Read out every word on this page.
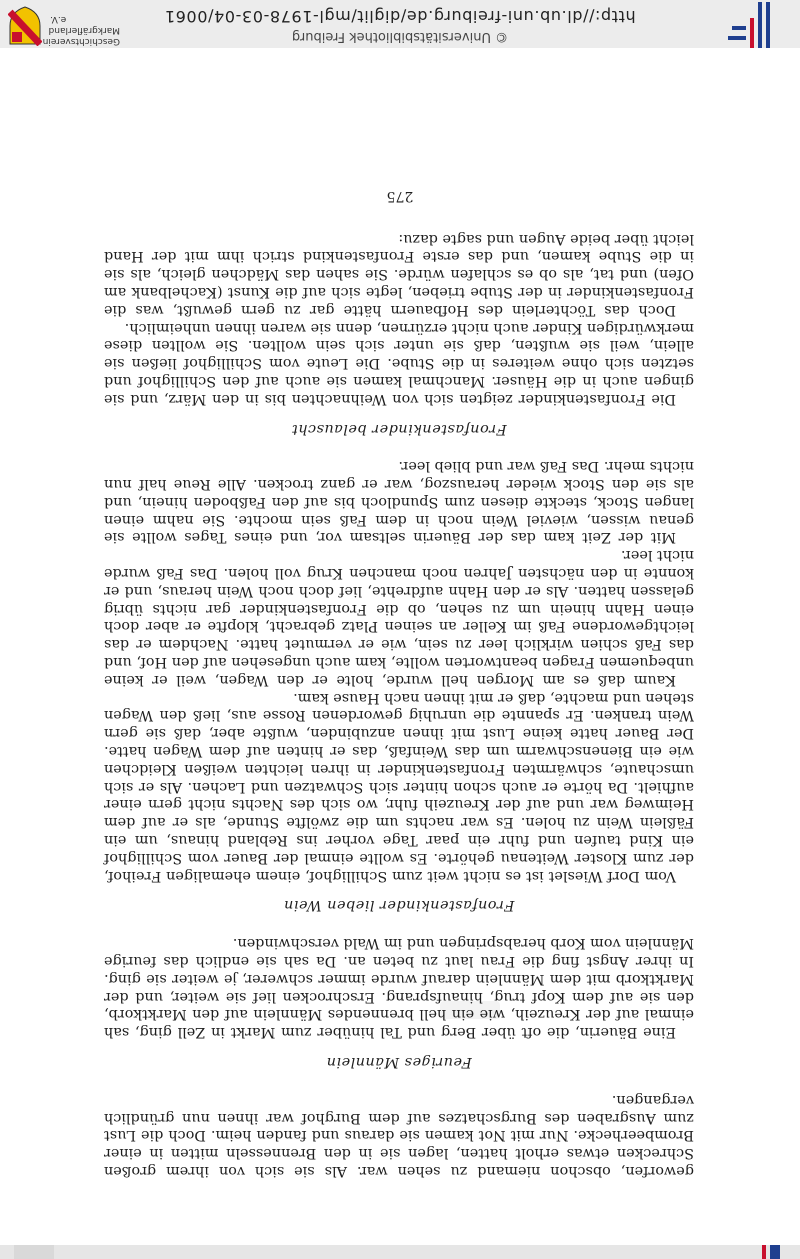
geworfen, obschon niemand zu sehen war. Als sie sich von ihrem großen Schrecken etwas erholt hatten, lagen sie in den Brennesseln mitten in einer Brombeerhecke. Nur mit Not kamen sie daraus und fanden heim. Doch die Lust zum Ausgraben des Burgschatzes auf dem Burghof war ihnen nun gründlich vergangen.

Feuriges Männlein

Eine Bäuerin, die oft über Berg und Tal hinüber zum Markt in Zell ging, sah einmal auf der Kreuzeih, wie ein hell brennendes Männlein auf den Marktkorb, den sie auf dem Kopf trug, hinaufsprang. Erschrocken lief sie weiter, und der Marktkorb mit dem Männlein darauf wurde immer schwerer, je weiter sie ging. In ihrer Angst fing die Frau laut zu beten an. Da sah sie endlich das feurige Männlein vom Korb herabspringen und im Wald verschwinden.

Fronfastenkinder lieben Wein

Vom Dorf Wieslet ist es nicht weit zum Schillighof, einem ehemaligen Freihof, der zum Kloster Weitenau gehörte. Es wollte einmal der Bauer vom Schillighof ein Kind taufen und fuhr ein paar Tage vorher ins Rebland hinaus, um ein Fäßlein Wein zu holen. Es war nachts um die zwölfte Stunde, als er auf dem Heimweg war und auf der Kreuzeih fuhr, wo sich des Nachts nicht gern einer aufhielt. Da hörte er auch schon hinter sich Schwatzen und Lachen. Als er sich umschaute, schwärmten Fronfastenkinder in ihren leichten weißen Kleidchen wie ein Bienenschwarm um das Weinfaß, das er hinten auf dem Wagen hatte. Der Bauer hatte keine Lust mit ihnen anzubinden, wußte aber, daß sie gern Wein tranken. Er spannte die unruhig gewordenen Rosse aus, ließ den Wagen stehen und machte, daß er mit ihnen nach Hause kam.

Kaum daß es am Morgen hell wurde, holte er den Wagen, weil er keine unbequemen Fragen beantworten wollte, kam auch ungesehen auf den Hof, und das Faß schien wirklich leer zu sein, wie er vermutet hatte. Nachdem er das leichtgewordene Faß im Keller an seinen Platz gebracht, klopfte er aber doch einen Hahn hinein um zu sehen, ob die Fronfastenkinder gar nichts übrig gelassen hatten. Als er den Hahn aufdrehte, lief doch noch Wein heraus, und er konnte in den nächsten Jahren noch manchen Krug voll holen. Das Faß wurde nicht leer.

Mit der Zeit kam das der Bäuerin seltsam vor, und eines Tages wollte sie genau wissen, wieviel Wein noch in dem Faß sein mochte. Sie nahm einen langen Stock, steckte diesen zum Spundloch bis auf den Faßboden hinein, und als sie den Stock wieder herauszog, war er ganz trocken. Alle Reue half nun nichts mehr. Das Faß war und blieb leer.

Fronfastenkinder belauscht

Die Fronfastenkinder zeigten sich von Weihnachten bis in den März, und sie gingen auch in die Häuser. Manchmal kamen sie auch auf den Schillighof und setzten sich ohne weiteres in die Stube. Die Leute vom Schillighof ließen sie allein, weil sie wußten, daß sie unter sich sein wollten. Sie wollten diese merkwürdigen Kinder auch nicht erzürnen, denn sie waren ihnen unheimlich.

Doch das Töchterlein des Hofbauern hätte gar zu gern gewußt, was die Fronfastenkinder in der Stube trieben, legte sich auf die Kunst (Kachelbank am Ofen) und tat, als ob es schlafen würde. Sie sahen das Mädchen gleich, als sie in die Stube kamen, und das erste Fronfastenkind strich ihm mit der Hand leicht über beide Augen und sagte dazu:

275
© Universitätsbibliothek Freiburg
http://dl.ub.uni-freiburg.de/diglit/mgl-1978-03-04/0061
Geschichtsverein
Markgräflerland e.V.
